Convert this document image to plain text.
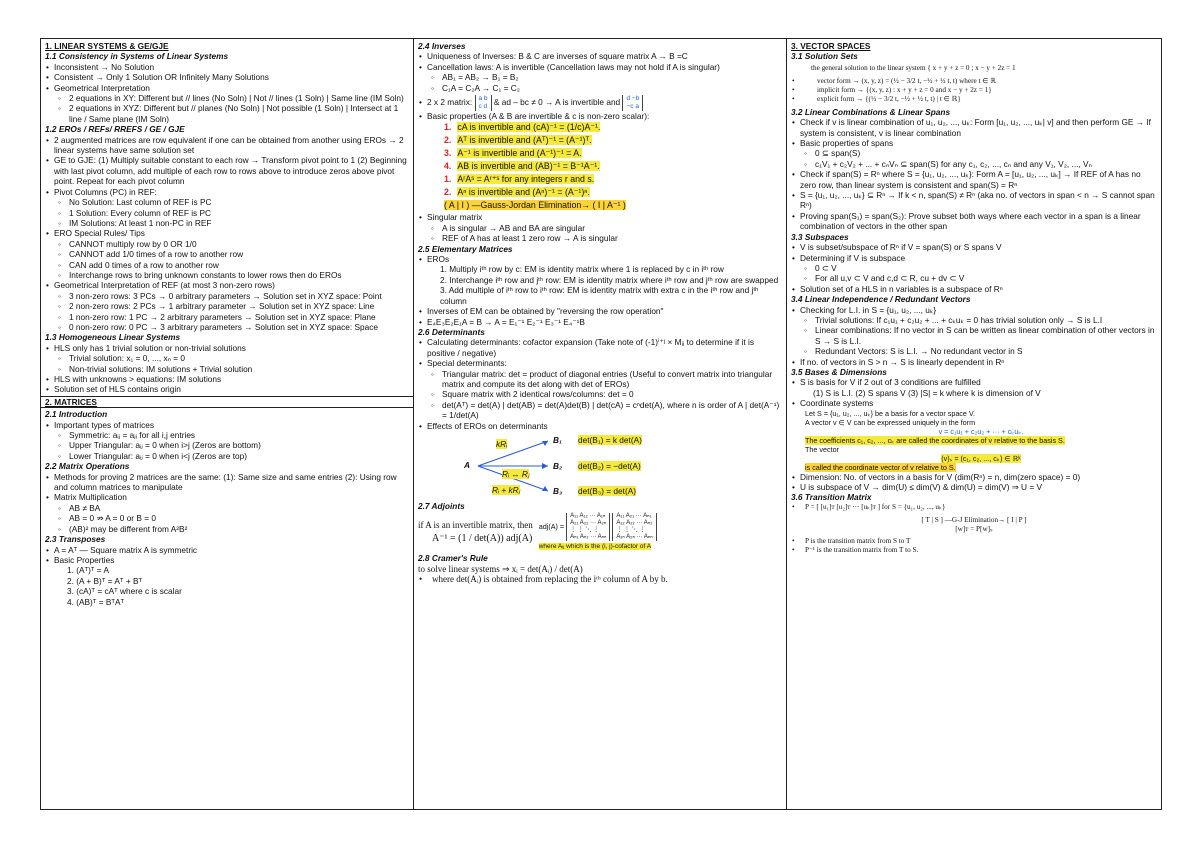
1. LINEAR SYSTEMS & GE/GJE
1.1 Consistency in Systems of Linear Systems
• Inconsistent → No Solution
• Consistent → Only 1 Solution OR Infinitely Many Solutions
• Geometrical Interpretation
◦ 2 equations in XY: Different but // lines (No Soln) | Not // lines (1 Soln) | Same line (IM Soln)
◦ 2 equations in XYZ: Different but // planes (No Soln) | Not possible (1 Soln) | Intersect at 1 line / Same plane (IM Soln)
1.2 EROs / REFs/ RREFS / GE / GJE
• 2 augmented matrices are row equivalent if one can be obtained from another using EROs → 2 linear systems have same solution set
• GE to GJE: (1) Multiply suitable constant to each row → Transform pivot point to 1 (2) Beginning with last pivot column, add multiple of each row to rows above to introduce zeros above pivot point. Repeat for each pivot column
• Pivot Columns (PC) in REF:
◦ No Solution: Last column of REF is PC
◦ 1 Solution: Every column of REF is PC
◦ IM Solutions: At least 1 non-PC in REF
• ERO Special Rules/ Tips
◦ CANNOT multiply row by 0 OR 1/0
◦ CANNOT add 1/0 times of a row to another row
◦ CAN add 0 times of a row to another row
◦ Interchange rows to bring unknown constants to lower rows then do EROs
• Geometrical Interpretation of REF (at most 3 non-zero rows)
◦ 3 non-zero rows: 3 PCs → 0 arbitrary parameters → Solution set in XYZ space: Point
◦ 2 non-zero rows: 2 PCs → 1 arbitrary parameter → Solution set in XYZ space: Line
◦ 1 non-zero row: 1 PC → 2 arbitrary parameters → Solution set in XYZ space: Plane
◦ 0 non-zero row: 0 PC → 3 arbitrary parameters → Solution set in XYZ space: Space
1.3 Homogeneous Linear Systems
• HLS only has 1 trivial solution or non-trivial solutions
◦ Trivial solution: x₁ = 0, ..., xₙ = 0
◦ Non-trivial solutions: IM solutions + Trivial solution
• HLS with unknowns > equations: IM solutions
• Solution set of HLS contains origin
2. MATRICES
2.1 Introduction
• Important types of matrices
◦ Symmetric: aᵢⱼ = aⱼᵢ for all i,j entries
◦ Upper Triangular: aᵢⱼ = 0 when i>j (Zeros are bottom)
◦ Lower Triangular: aᵢⱼ = 0 when i<j (Zeros are top)
2.2 Matrix Operations
• Methods for proving 2 matrices are the same: (1): Same size and same entries (2): Using row and column matrices to manipulate
• Matrix Multiplication
◦ AB ≠ BA
◦ AB = 0 ⇏ A = 0 or B = 0
◦ (AB)² may be different from A²B²
2.3 Transposes
• A = Aᵀ — Square matrix A is symmetric
• Basic Properties
1. (Aᵀ)ᵀ = A
2. (A + B)ᵀ = Aᵀ + Bᵀ
3. (cA)ᵀ = cAᵀ where c is scalar
4. (AB)ᵀ = BᵀAᵀ
2.4 Inverses
• Uniqueness of Inverses: B & C are inverses of square matrix A → B =C
• Cancellation laws: A is invertible (Cancellation laws may not hold if A is singular)
◦ AB₁ = AB₂ → B₁ = B₂
◦ C₁A = C₂A → C₁ = C₂
• 2 x 2 matrix: a b
c d & ad – bc ≠ 0 → A is invertible and d −b
−c a
• Basic properties (A & B are invertible & c is non-zero scalar):
1. cA is invertible and (cA)⁻¹ = (1/c)A⁻¹.
2. Aᵀ is invertible and (Aᵀ)⁻¹ = (A⁻¹)ᵀ.
3. A⁻¹ is invertible and (A⁻¹)⁻¹ = A.
4. AB is invertible and (AB)⁻¹ = B⁻¹A⁻¹.
1. AʳAˢ = Aʳ⁺ˢ for any integers r and s.
2. Aⁿ is invertible and (Aⁿ)⁻¹ = (A⁻¹)ⁿ.
( A | I ) —Gauss-Jordan Elimination→ ( I | A⁻¹ )
• Singular matrix
◦ A is singular → AB and BA are singular
◦ REF of A has at least 1 zero row → A is singular
2.5 Elementary Matrices
• EROs
1. Multiply iᵗʰ row by c: EM is identity matrix where 1 is replaced by c in iᵗʰ row
2. Interchange iᵗʰ row and jᵗʰ row: EM is identity matrix where iᵗʰ row and jᵗʰ row are swapped
3. Add multiple of iᵗʰ row to iᵗʰ row: EM is identity matrix with extra c in the iᵗʰ row and jᵗʰ column
• Inverses of EM can be obtained by "reversing the row operation"
• E₄E₃E₂E₁A = B → A = E₁⁻¹ E₂⁻¹ E₃⁻¹ E₄⁻¹B
2.6 Determinants
• Calculating determinants: cofactor expansion (Take note of (-1)ⁱ⁺ʲ × Mᵢⱼ to determine if it is positive / negative)
• Special determinants:
◦ Triangular matrix: det = product of diagonal entries (Useful to convert matrix into triangular matrix and compute its det along with det of EROs)
◦ Square matrix with 2 identical rows/columns: det = 0
◦ det(Aᵀ) = det(A) | det(AB) = det(A)det(B) | det(cA) = cⁿdet(A), where n is order of A | det(A⁻¹) = 1/det(A)
• Effects of EROs on determinants
A
kRᵢ
Rᵢ ↔ Rⱼ
Rᵢ + kRⱼ
B₁
B₂
B₃
det(B₁) = k det(A)
det(B₂) = −det(A)
det(B₃) = det(A)
2.7 Adjoints
if A is an invertible matrix, then
A⁻¹ = (1 / det(A)) adj(A)
adj(A) = A₁₁ A₁₂ ··· A₁ₙ
A₂₁ A₂₂ ··· A₂ₙ
⋮ ⋮ ⋱ ⋮
Aₙ₁ Aₙ₂ ··· Aₙₙ A₁₁ A₂₁ ··· Aₙ₁
A₁₂ A₂₂ ··· Aₙ₂
⋮ ⋮ ⋱ ⋮
A₁ₙ A₂ₙ ··· Aₙₙ
where Aᵢⱼ which is the (i, j)-cofactor of A
2.8 Cramer's Rule
to solve linear systems ⇒ xᵢ = det(Aᵢ) / det(A)
• where det(Aᵢ) is obtained from replacing the iᵗʰ column of A by b.
3. VECTOR SPACES
3.1 Solution Sets
the general solution to the linear system { x + y + z = 0 ; x − y + 2z = 1
• vector form → (x, y, z) = (½ − 3/2 t, −½ + ½ t, t) where t ∈ ℝ
• implicit form → {(x, y, z) : x + y + z = 0 and x − y + 2z = 1}
• explicit form → {(½ − 3/2 t, −½ + ½ t, t) | t ∈ ℝ}
3.2 Linear Combinations & Linear Spans
• Check if v is linear combination of u₁, u₂, ..., uₖ: Form [u₁, u₂, ..., uₖ| v] and then perform GE → If system is consistent, v is linear combination
• Basic properties of spans
◦ 0 ⊆ span(S)
◦ c₁V₁ + c₂V₂ + ... + cₙVₙ ⊆ span(S) for any c₁, c₂, ..., cₙ and any V₁, V₂, ..., Vₙ
• Check if span(S) = Rⁿ where S = {u₁, u₂, ..., uₖ}: Form A = [u₁, u₂, ..., uₖ] → If REF of A has no zero row, than linear system is consistent and span(S) = Rⁿ
• S = {u₁, u₂, ..., uₖ} ⊆ Rⁿ → If k < n, span(S) ≠ Rⁿ (aka no. of vectors in span < n → S cannot span Rⁿ)
• Proving span(S₁) = span(S₂): Prove subset both ways where each vector in a span is a linear combination of vectors in the other span
3.3 Subspaces
• V is subset/subspace of Rⁿ if V = span(S) or S spans V
• Determining if V is subspace
◦ 0 ⊂ V
◦ For all u,v ⊂ V and c,d ⊂ R, cu + dv ⊂ V
• Solution set of a HLS in n variables is a subspace of Rⁿ
3.4 Linear Independence / Redundant Vectors
• Checking for L.I. in S = {u₁, u₂, ..., uₖ}
◦ Trivial solutions: If c₁u₁ + c₂u₂ + ... + cₖuₖ = 0 has trivial solution only → S is L.I
◦ Linear combinations: If no vector in S can be written as linear combination of other vectors in S → S is L.I.
◦ Redundant Vectors: S is L.I. → No redundant vector in S
• If no. of vectors in S > n → S is linearly dependent in Rⁿ
3.5 Bases & Dimensions
• S is basis for V if 2 out of 3 conditions are fulfilled
(1) S is L.I. (2) S spans V (3) |S| = k where k is dimension of V
• Coordinate systems
Let S = {u₁, u₂, ..., uₖ} be a basis for a vector space V.
A vector v ∈ V can be expressed uniquely in the form
v = c₁u₁ + c₂u₂ + ··· + cₖuₖ.
The coefficients c₁, c₂, ..., cₖ are called the coordinates of v relative to the basis S.
The vector
(v)ₛ = (c₁, c₂, ..., cₖ) ∈ ℝᵏ
is called the coordinate vector of v relative to S.
• Dimension: No. of vectors in a basis for V (dim(Rⁿ) = n, dim(zero space) = 0)
• U is subspace of V → dim(U) ≤ dim(V) & dim(U) = dim(V) ⇒ U = V
3.6 Transition Matrix
• P = [ [u₁]ᴛ [u₂]ᴛ ··· [uₖ]ᴛ ] for S = {u₁, u₂, ..., uₖ}
[ T | S ] —G-J Elimination→ [ I | P ]
[w]ᴛ = P[w]ₛ
• P is the transition matrix from S to T
• P⁻¹ is the transition matrix from T to S.
